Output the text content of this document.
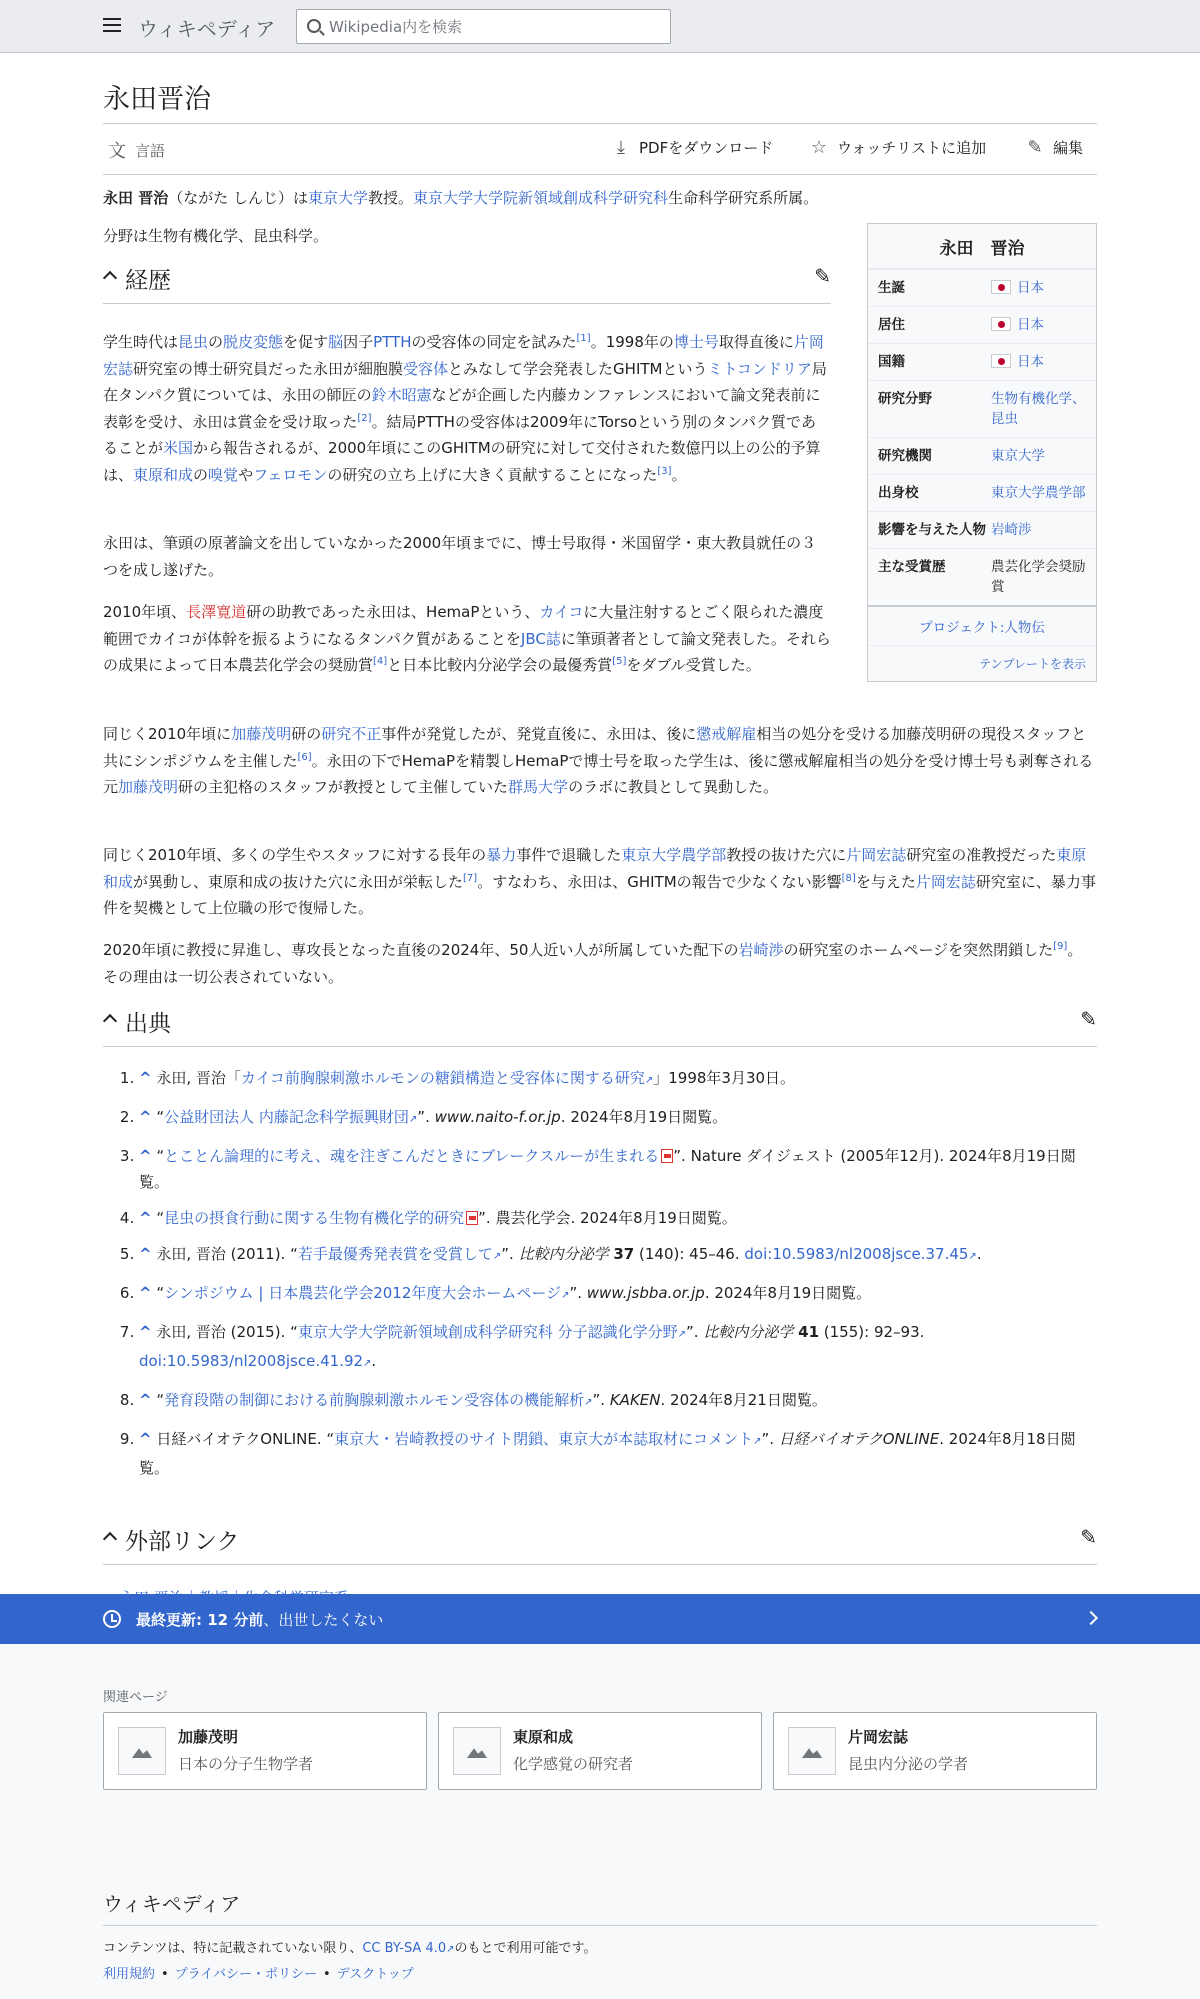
ウィキペディア
Wikipedia内を検索
永田晋治
文 言語	⤓ PDFをダウンロード ☆ ウォッチリストに追加 ✎ 編集

永田 晋治（ながた しんじ）は東京大学教授。東京大学大学院新領域創成科学研究科生命科学研究系所属。

分野は生物有機化学、昆虫科学。

永田　晋治
生誕	日本
居住	日本
国籍	日本
研究分野	生物有機化学、昆虫
研究機関	東京大学
出身校	東京大学農学部
影響を与えた人物 岩崎渉
主な受賞歴	農芸化学会奨励賞
プロジェクト:人物伝
テンプレートを表示
経歴	✎

学生時代は昆虫の脱皮変態を促す脳因子PTTHの受容体の同定を試みた[1]。1998年の博士号取得直後に片岡宏誌研究室の博士研究員だった永田が細胞膜受容体とみなして学会発表したGHITMというミトコンドリア局在タンパク質については、永田の師匠の鈴木昭憲などが企画した内藤カンファレンスにおいて論文発表前に表彰を受け、永田は賞金を受け取った[2]。結局PTTHの受容体は2009年にTorsoという別のタンパク質であることが米国から報告されるが、2000年頃にこのGHITMの研究に対して交付された数億円以上の公的予算は、東原和成の嗅覚やフェロモンの研究の立ち上げに大きく貢献することになった[3]。

永田は、筆頭の原著論文を出していなかった2000年頃までに、博士号取得・米国留学・東大教員就任の３つを成し遂げた。

2010年頃、長澤寛道研の助教であった永田は、HemaPという、カイコに大量注射するとごく限られた濃度範囲でカイコが体幹を振るようになるタンパク質があることをJBC誌に筆頭著者として論文発表した。それらの成果によって日本農芸化学会の奨励賞[4]と日本比較内分泌学会の最優秀賞[5]をダブル受賞した。

同じく2010年頃に加藤茂明研の研究不正事件が発覚したが、発覚直後に、永田は、後に懲戒解雇相当の処分を受ける加藤茂明研の現役スタッフと共にシンポジウムを主催した[6]。永田の下でHemaPを精製しHemaPで博士号を取った学生は、後に懲戒解雇相当の処分を受け博士号も剥奪される元加藤茂明研の主犯格のスタッフが教授として主催していた群馬大学のラボに教員として異動した。

同じく2010年頃、多くの学生やスタッフに対する長年の暴力事件で退職した東京大学農学部教授の抜けた穴に片岡宏誌研究室の准教授だった東原和成が異動し、東原和成の抜けた穴に永田が栄転した[7]。すなわち、永田は、GHITMの報告で少なくない影響[8]を与えた片岡宏誌研究室に、暴力事件を契機として上位職の形で復帰した。

2020年頃に教授に昇進し、専攻長となった直後の2024年、50人近い人が所属していた配下の岩崎渉の研究室のホームページを突然閉鎖した[9]。その理由は一切公表されていない。

出典	✎
1. ^ 永田, 晋治「カイコ前胸腺刺激ホルモンの糖鎖構造と受容体に関する研究↗」1998年3月30日。
2. ^ “公益財団法人 内藤記念科学振興財団↗”. www.naito-f.or.jp. 2024年8月19日閲覧。
3. ^ “とことん論理的に考え、魂を注ぎこんだときにブレークスルーが生まれる ”. Nature ダイジェスト (2005年12月). 2024年8月19日閲覧。
4. ^ “昆虫の摂食行動に関する生物有機化学的研究 ”. 農芸化学会. 2024年8月19日閲覧。
5. ^ 永田, 晋治 (2011). “若手最優秀発表賞を受賞して↗”. 比較内分泌学 37 (140): 45–46. doi:10.5983/nl2008jsce.37.45↗.
6. ^ “シンポジウム | 日本農芸化学会2012年度大会ホームページ↗”. www.jsbba.or.jp. 2024年8月19日閲覧。
7. ^ 永田, 晋治 (2015). “東京大学大学院新領域創成科学研究科 分子認識化学分野↗”. 比較内分泌学 41 (155): 92–93. doi:10.5983/nl2008jsce.41.92↗.
8. ^ “発育段階の制御における前胸腺刺激ホルモン受容体の機能解析↗”. KAKEN. 2024年8月21日閲覧。
9. ^ 日経バイオテクONLINE. “東京大・岩崎教授のサイト閉鎖、東京大が本誌取材にコメント↗”. 日経バイオテクONLINE. 2024年8月18日閲覧。
外部リンク	✎
•
最終更新: 12 分前、出世したくない
関連ページ
加藤茂明
日本の分子生物学者
東原和成
化学感覚の研究者
片岡宏誌
昆虫内分泌の学者
ウィキペディア
コンテンツは、特に記載されていない限り、CC BY-SA 4.0↗のもとで利用可能です。
利用規約 • プライバシー・ポリシー • デスクトップ
